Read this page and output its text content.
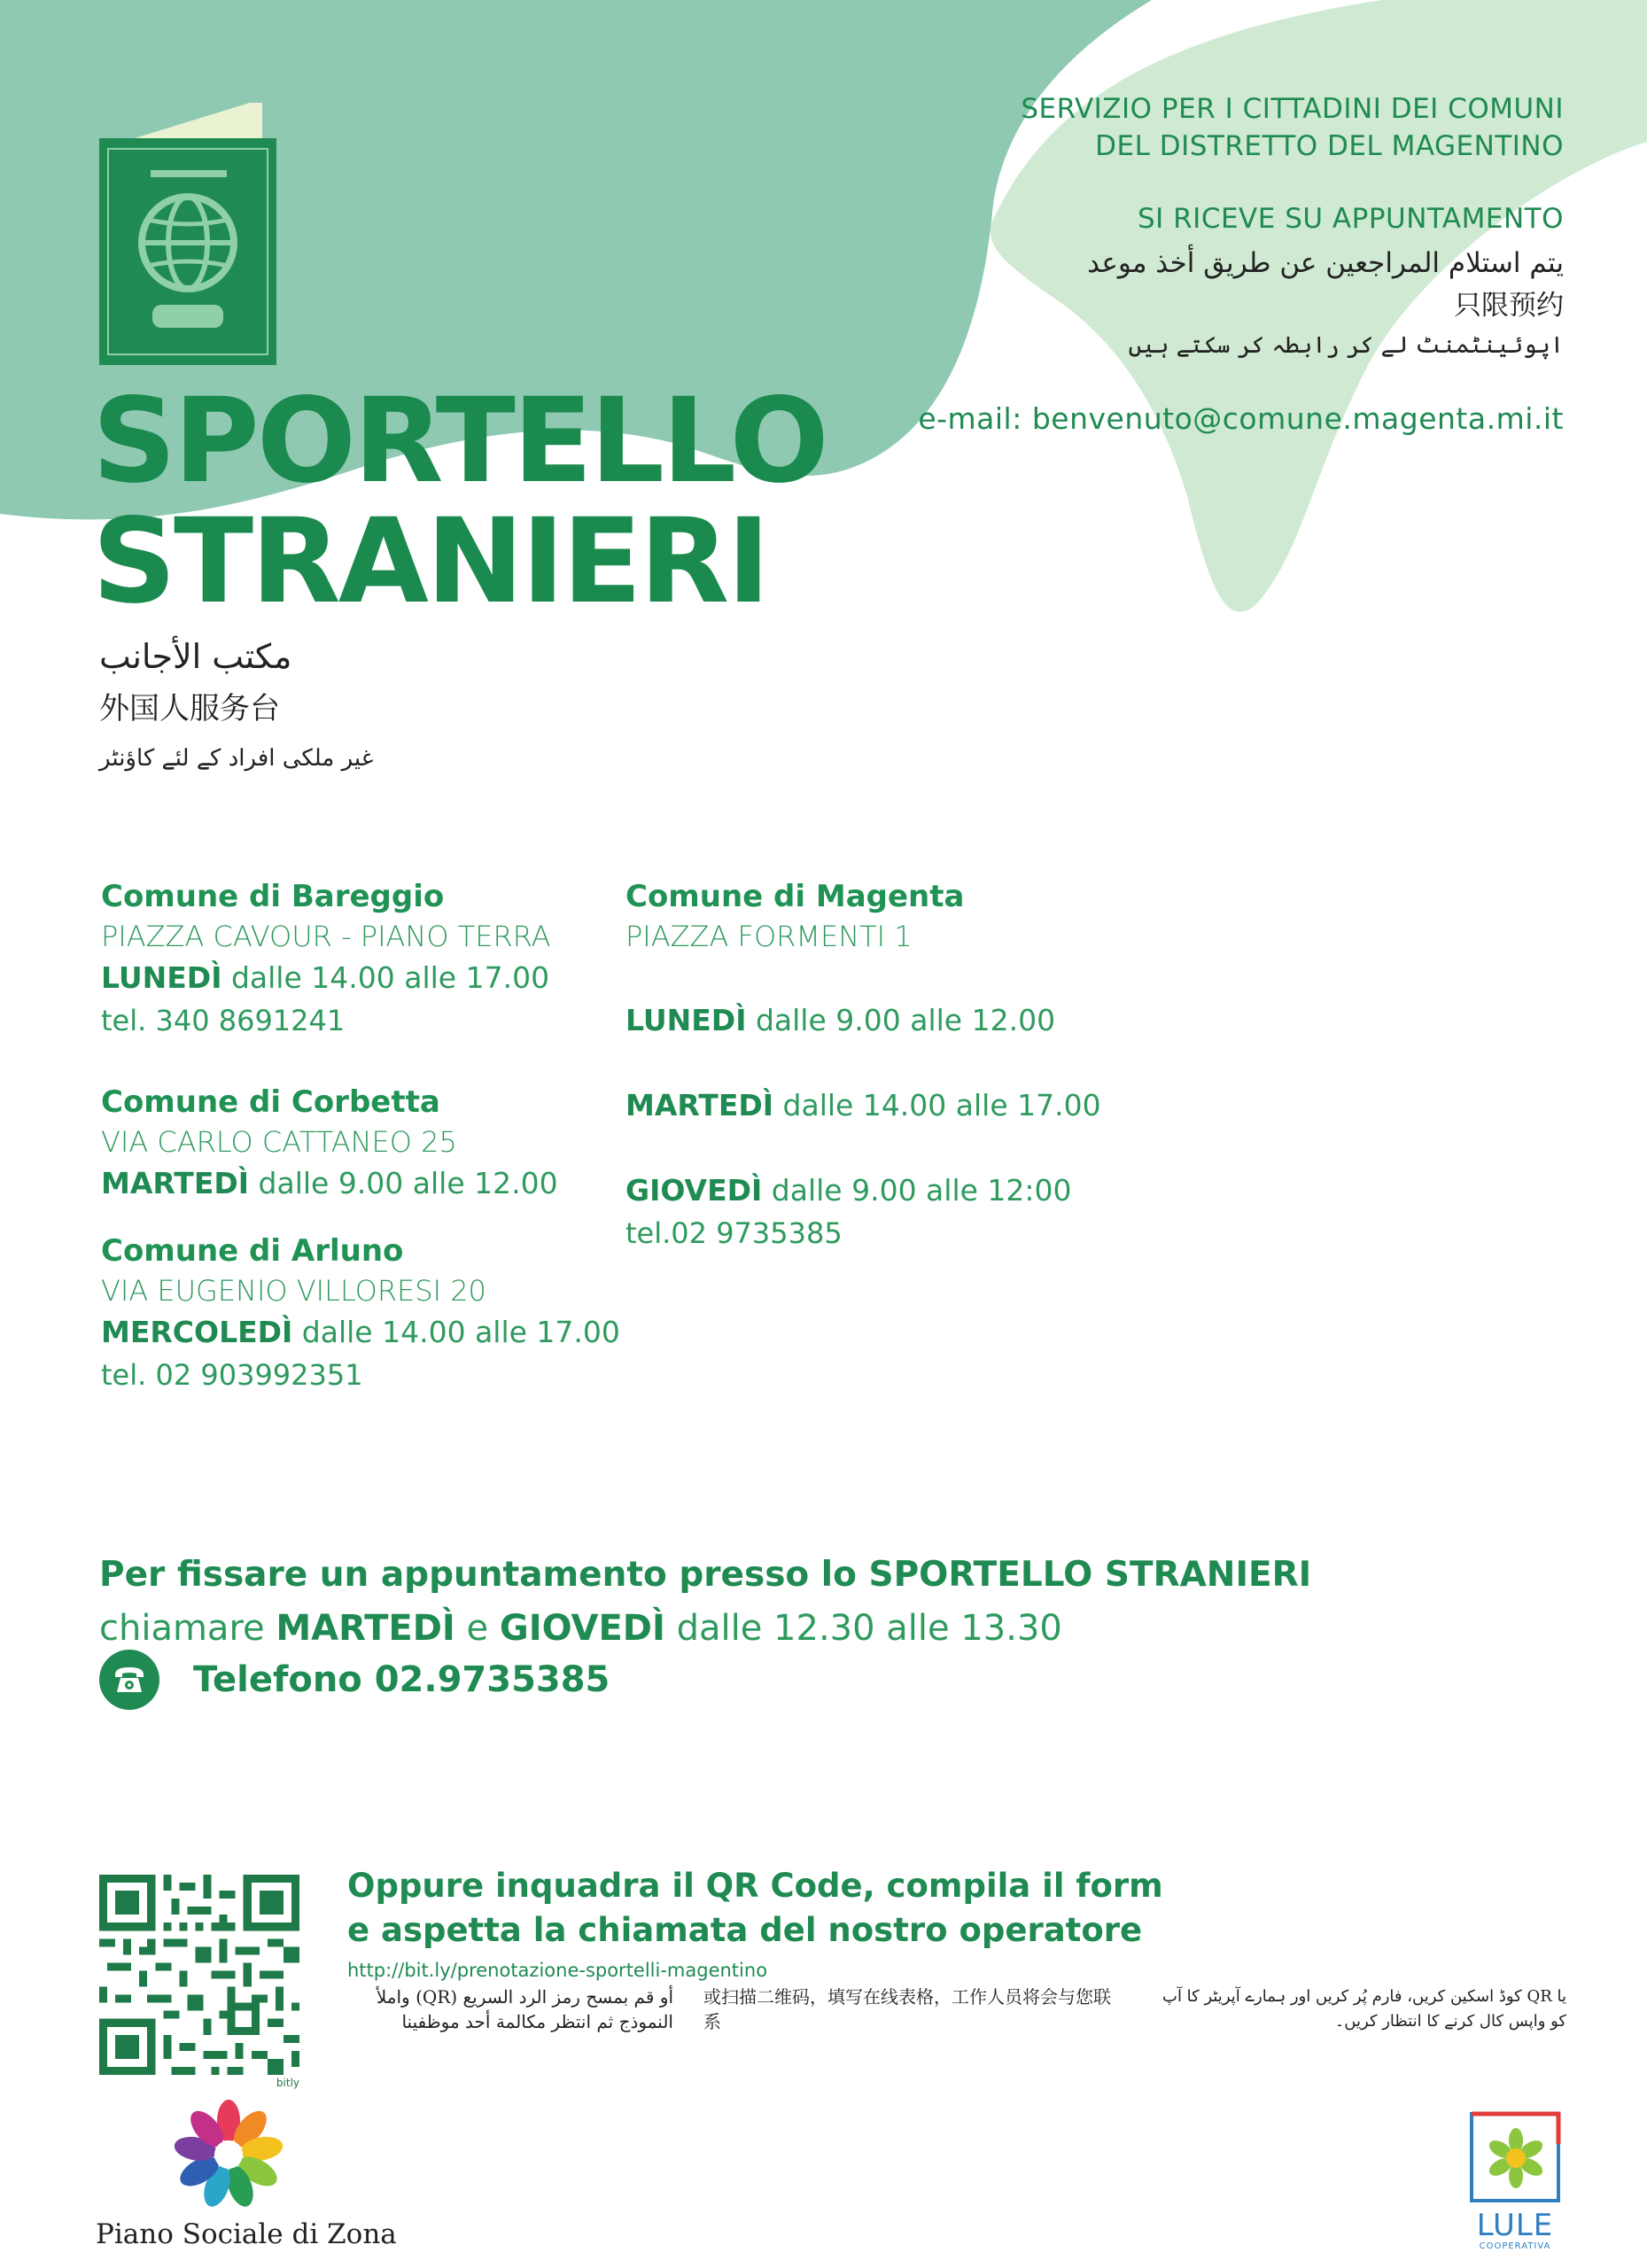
SERVIZIO PER I CITTADINI DEI COMUNI
DEL DISTRETTO DEL MAGENTINO
SI RICEVE SU APPUNTAMENTO
يتم استلام المراجعين عن طريق أخذ موعد
只限预约
اپوئینٹمنٹ لے کر رابطہ کر سکتے ہیں
e-mail: benvenuto@comune.magenta.mi.it
SPORTELLO
STRANIERI
مكتب الأجانب
外国人服务台
غیر ملکی افراد کے لئے کاؤنٹر
Comune di Bareggio
PIAZZA CAVOUR - PIANO TERRA
LUNEDÌ dalle 14.00 alle 17.00
tel. 340 8691241
Comune di Corbetta
VIA CARLO CATTANEO 25
MARTEDÌ dalle 9.00 alle 12.00
Comune di Arluno
VIA EUGENIO VILLORESI 20
MERCOLEDÌ dalle 14.00 alle 17.00
tel. 02 903992351
Comune di Magenta
PIAZZA FORMENTI 1
LUNEDÌ dalle 9.00 alle 12.00
MARTEDÌ dalle 14.00 alle 17.00
GIOVEDÌ dalle 9.00 alle 12:00
tel.02 9735385
Per fissare un appuntamento presso lo SPORTELLO STRANIERI
chiamare MARTEDÌ e GIOVEDÌ dalle 12.30 alle 13.30
Telefono 02.9735385
bitly
Oppure inquadra il QR Code, compila il form
e aspetta la chiamata del nostro operatore
http://bit.ly/prenotazione-sportelli-magentino
أو قم بمسح رمز الرد السريع (QR) واملأ النموذج ثم انتظر مكالمة أحد موظفينا
或扫描二维码，填写在线表格，工作人员将会与您联系
یا QR کوڈ اسکین کریں، فارم پُر کریں اور ہمارے آپریٹر کا آپ کو واپس کال کرنے کا انتظار کریں۔
Piano Sociale di Zona	LULE
COOPERATIVA
